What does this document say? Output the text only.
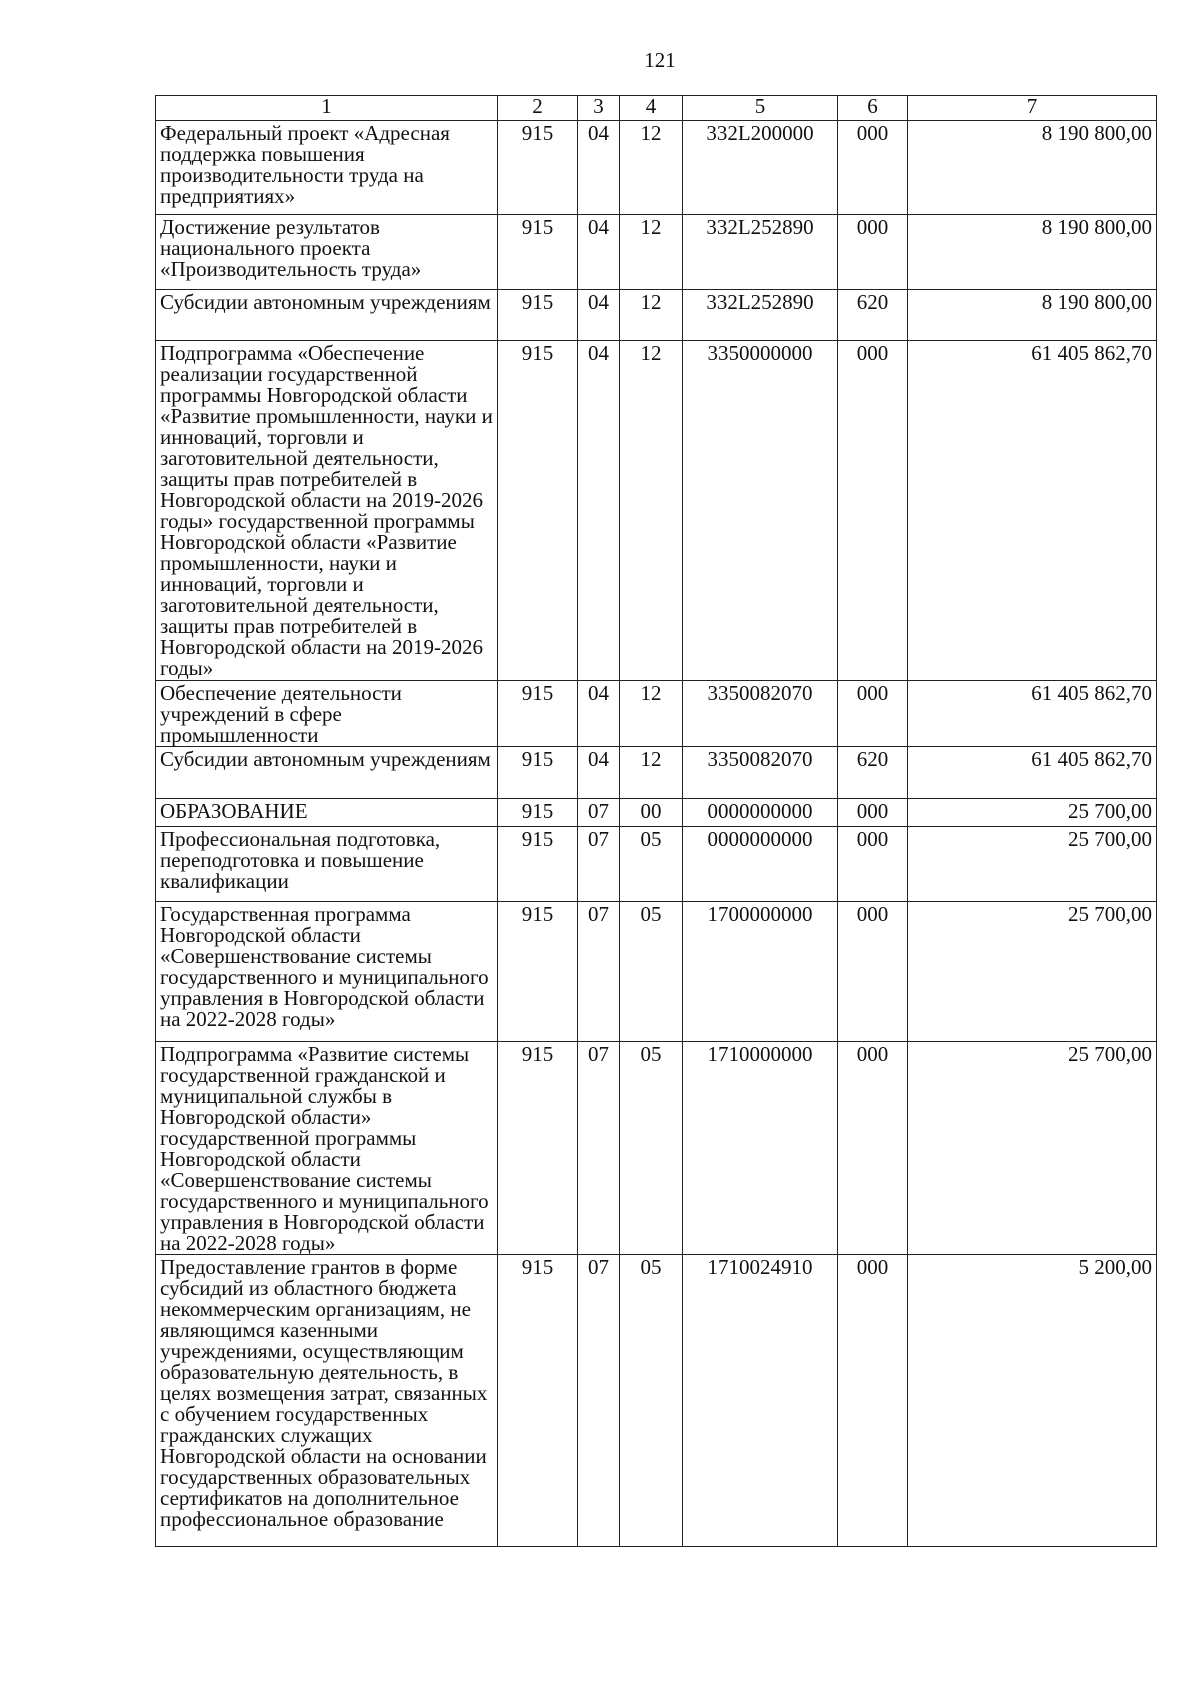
121
1	2	3	4	5	6	7
Федеральный проект «Адресная поддержка повышения производительности труда на предприятиях»	915	04	12	332L200000	000	8 190 800,00
Достижение результатов национального проекта «Производительность труда»	915	04	12	332L252890	000	8 190 800,00
Субсидии автономным учреждениям	915	04	12	332L252890	620	8 190 800,00
Подпрограмма «Обеспечение реализации государственной программы Новгородской области «Развитие промышленности, науки и инноваций, торговли и заготовительной деятельности, защиты прав потребителей в Новгородской области на 2019-2026 годы» государственной программы Новгородской области «Развитие промышленности, науки и инноваций, торговли и заготовительной деятельности, защиты прав потребителей в Новгородской области на 2019-2026 годы»	915	04	12	3350000000	000	61 405 862,70
Обеспечение деятельности учреждений в сфере промышленности	915	04	12	3350082070	000	61 405 862,70
Субсидии автономным учреждениям	915	04	12	3350082070	620	61 405 862,70
ОБРАЗОВАНИЕ	915	07	00	0000000000	000	25 700,00
Профессиональная подготовка, переподготовка и повышение квалификации	915	07	05	0000000000	000	25 700,00
Государственная программа Новгородской области «Совершенствование системы государственного и муниципального управления в Новгородской области на 2022-2028 годы»	915	07	05	1700000000	000	25 700,00
Подпрограмма «Развитие системы государственной гражданской и муниципальной службы в Новгородской области» государственной программы Новгородской области «Совершенствование системы государственного и муниципального управления в Новгородской области на 2022-2028 годы»	915	07	05	1710000000	000	25 700,00
Предоставление грантов в форме субсидий из областного бюджета некоммерческим организациям, не являющимся казенными учреждениями, осуществляющим образовательную деятельность, в целях возмещения затрат, связанных с обучением государственных гражданских служащих Новгородской области на основании государственных образовательных сертификатов на дополнительное профессиональное образование	915	07	05	1710024910	000	5 200,00
